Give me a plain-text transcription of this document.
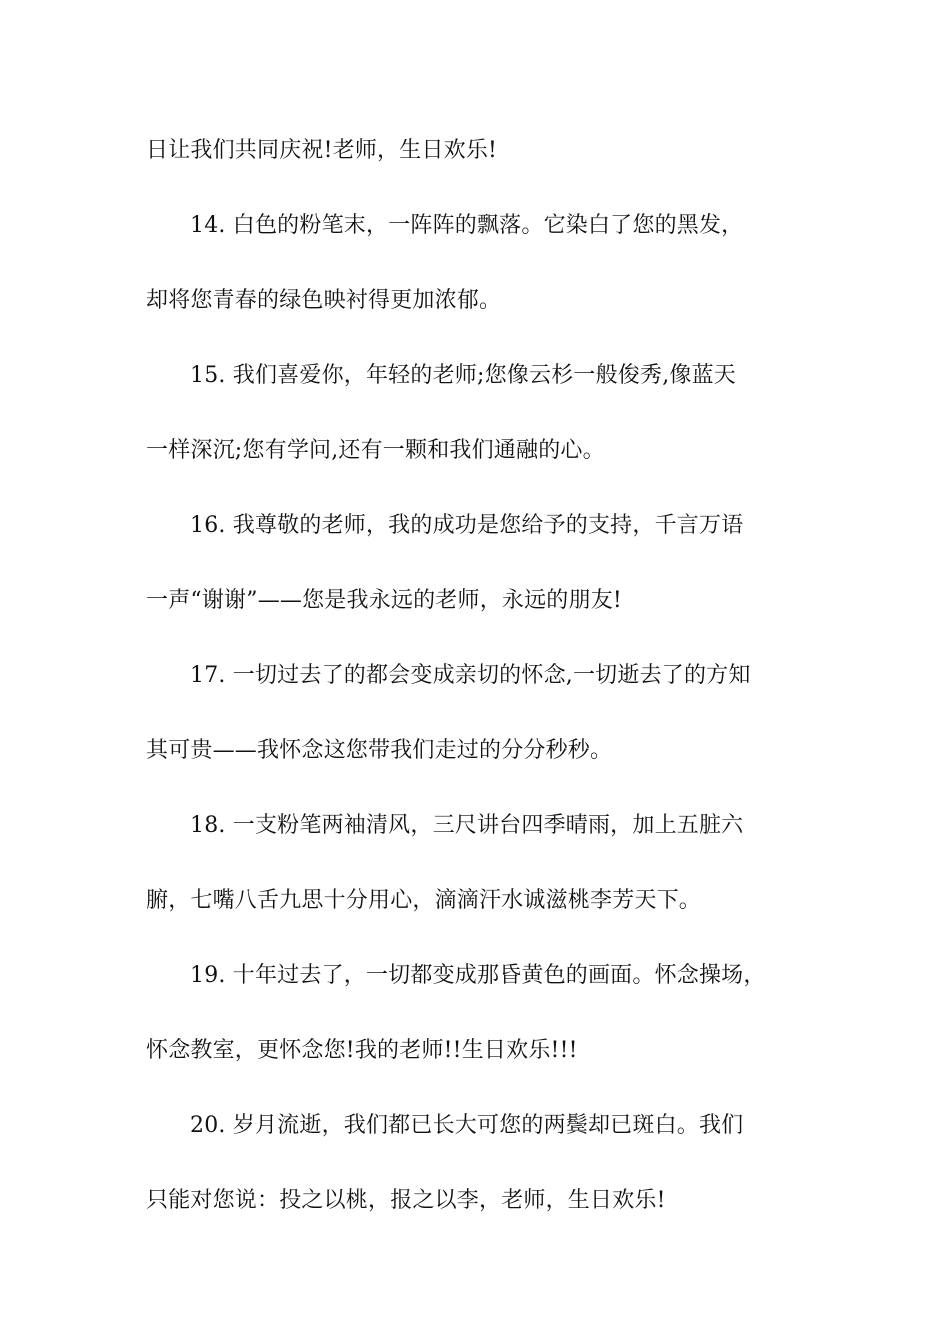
日让我们共同庆祝!老师，生日欢乐!
14. 白色的粉笔末，一阵阵的飘落。它染白了您的黑发，
却将您青春的绿色映衬得更加浓郁。
15. 我们喜爱你，年轻的老师;您像云杉一般俊秀,像蓝天
一样深沉;您有学问,还有一颗和我们通融的心。
16. 我尊敬的老师，我的成功是您给予的支持，千言万语
一声“谢谢”——您是我永远的老师，永远的朋友!
17. 一切过去了的都会变成亲切的怀念,一切逝去了的方知
其可贵——我怀念这您带我们走过的分分秒秒。
18. 一支粉笔两袖清风，三尺讲台四季晴雨，加上五脏六
腑，七嘴八舌九思十分用心，滴滴汗水诚滋桃李芳天下。
19. 十年过去了，一切都变成那昏黄色的画面。怀念操场，
怀念教室，更怀念您!我的老师!!生日欢乐!!!
20. 岁月流逝，我们都已长大可您的两鬓却已斑白。我们
只能对您说：投之以桃，报之以李，老师，生日欢乐!
